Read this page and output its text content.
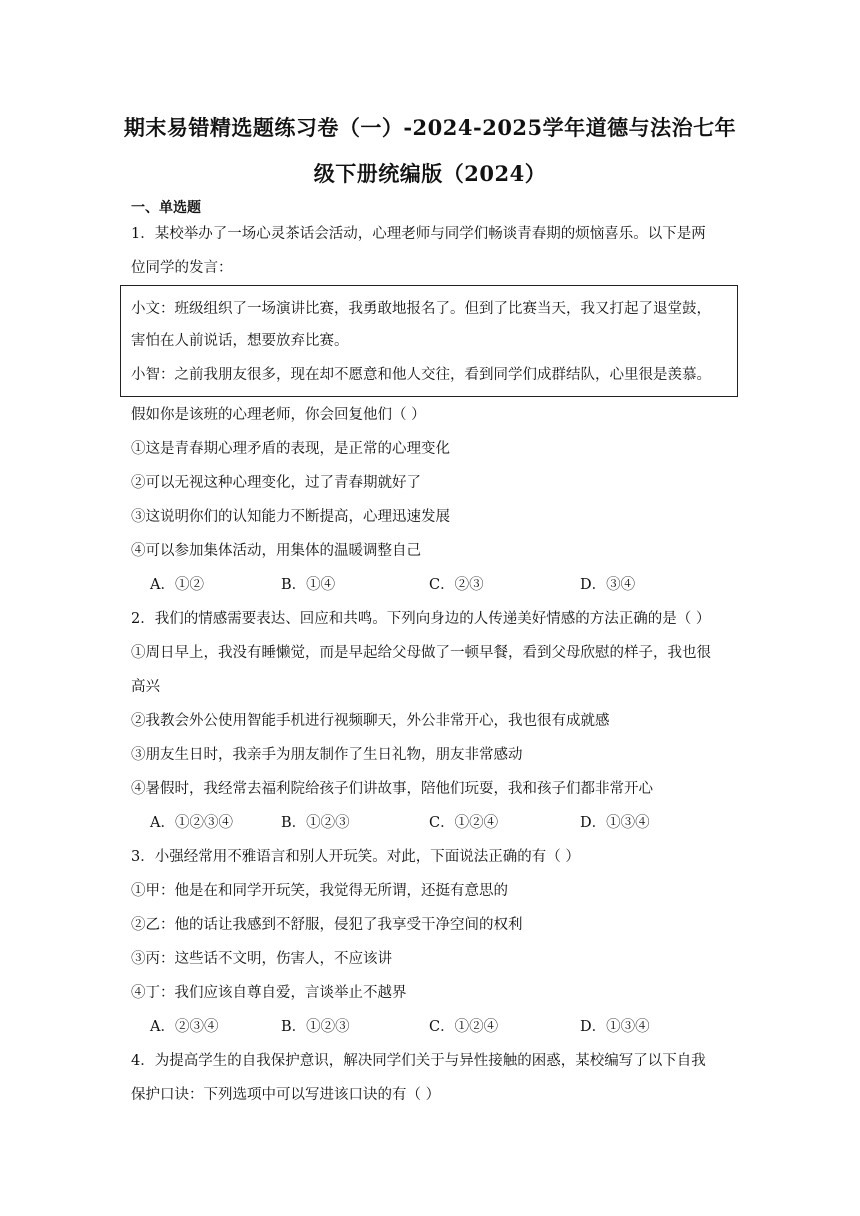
期末易错精选题练习卷（一）-2024-2025学年道德与法治七年
级下册统编版（2024）
一、单选题
1．某校举办了一场心灵茶话会活动，心理老师与同学们畅谈青春期的烦恼喜乐。以下是两
位同学的发言：
小文：班级组织了一场演讲比赛，我勇敢地报名了。但到了比赛当天，我又打起了退堂鼓，
害怕在人前说话，想要放弃比赛。
小智：之前我朋友很多，现在却不愿意和他人交往，看到同学们成群结队，心里很是羡慕。
假如你是该班的心理老师，你会回复他们（ ）
①这是青春期心理矛盾的表现，是正常的心理变化
②可以无视这种心理变化，过了青春期就好了
③这说明你们的认知能力不断提高，心理迅速发展
④可以参加集体活动，用集体的温暖调整自己
A．①②	B．①④	C．②③	D．③④
2．我们的情感需要表达、回应和共鸣。下列向身边的人传递美好情感的方法正确的是（ ）
①周日早上，我没有睡懒觉，而是早起给父母做了一顿早餐，看到父母欣慰的样子，我也很
高兴
②我教会外公使用智能手机进行视频聊天，外公非常开心，我也很有成就感
③朋友生日时，我亲手为朋友制作了生日礼物，朋友非常感动
④暑假时，我经常去福利院给孩子们讲故事，陪他们玩耍，我和孩子们都非常开心
A．①②③④	B．①②③	C．①②④	D．①③④
3．小强经常用不雅语言和别人开玩笑。对此，下面说法正确的有（ ）
①甲：他是在和同学开玩笑，我觉得无所谓，还挺有意思的
②乙：他的话让我感到不舒服，侵犯了我享受干净空间的权利
③丙：这些话不文明，伤害人，不应该讲
④丁：我们应该自尊自爱，言谈举止不越界
A．②③④	B．①②③	C．①②④	D．①③④
4．为提高学生的自我保护意识，解决同学们关于与异性接触的困惑，某校编写了以下自我
保护口诀：下列选项中可以写进该口诀的有（ ）
